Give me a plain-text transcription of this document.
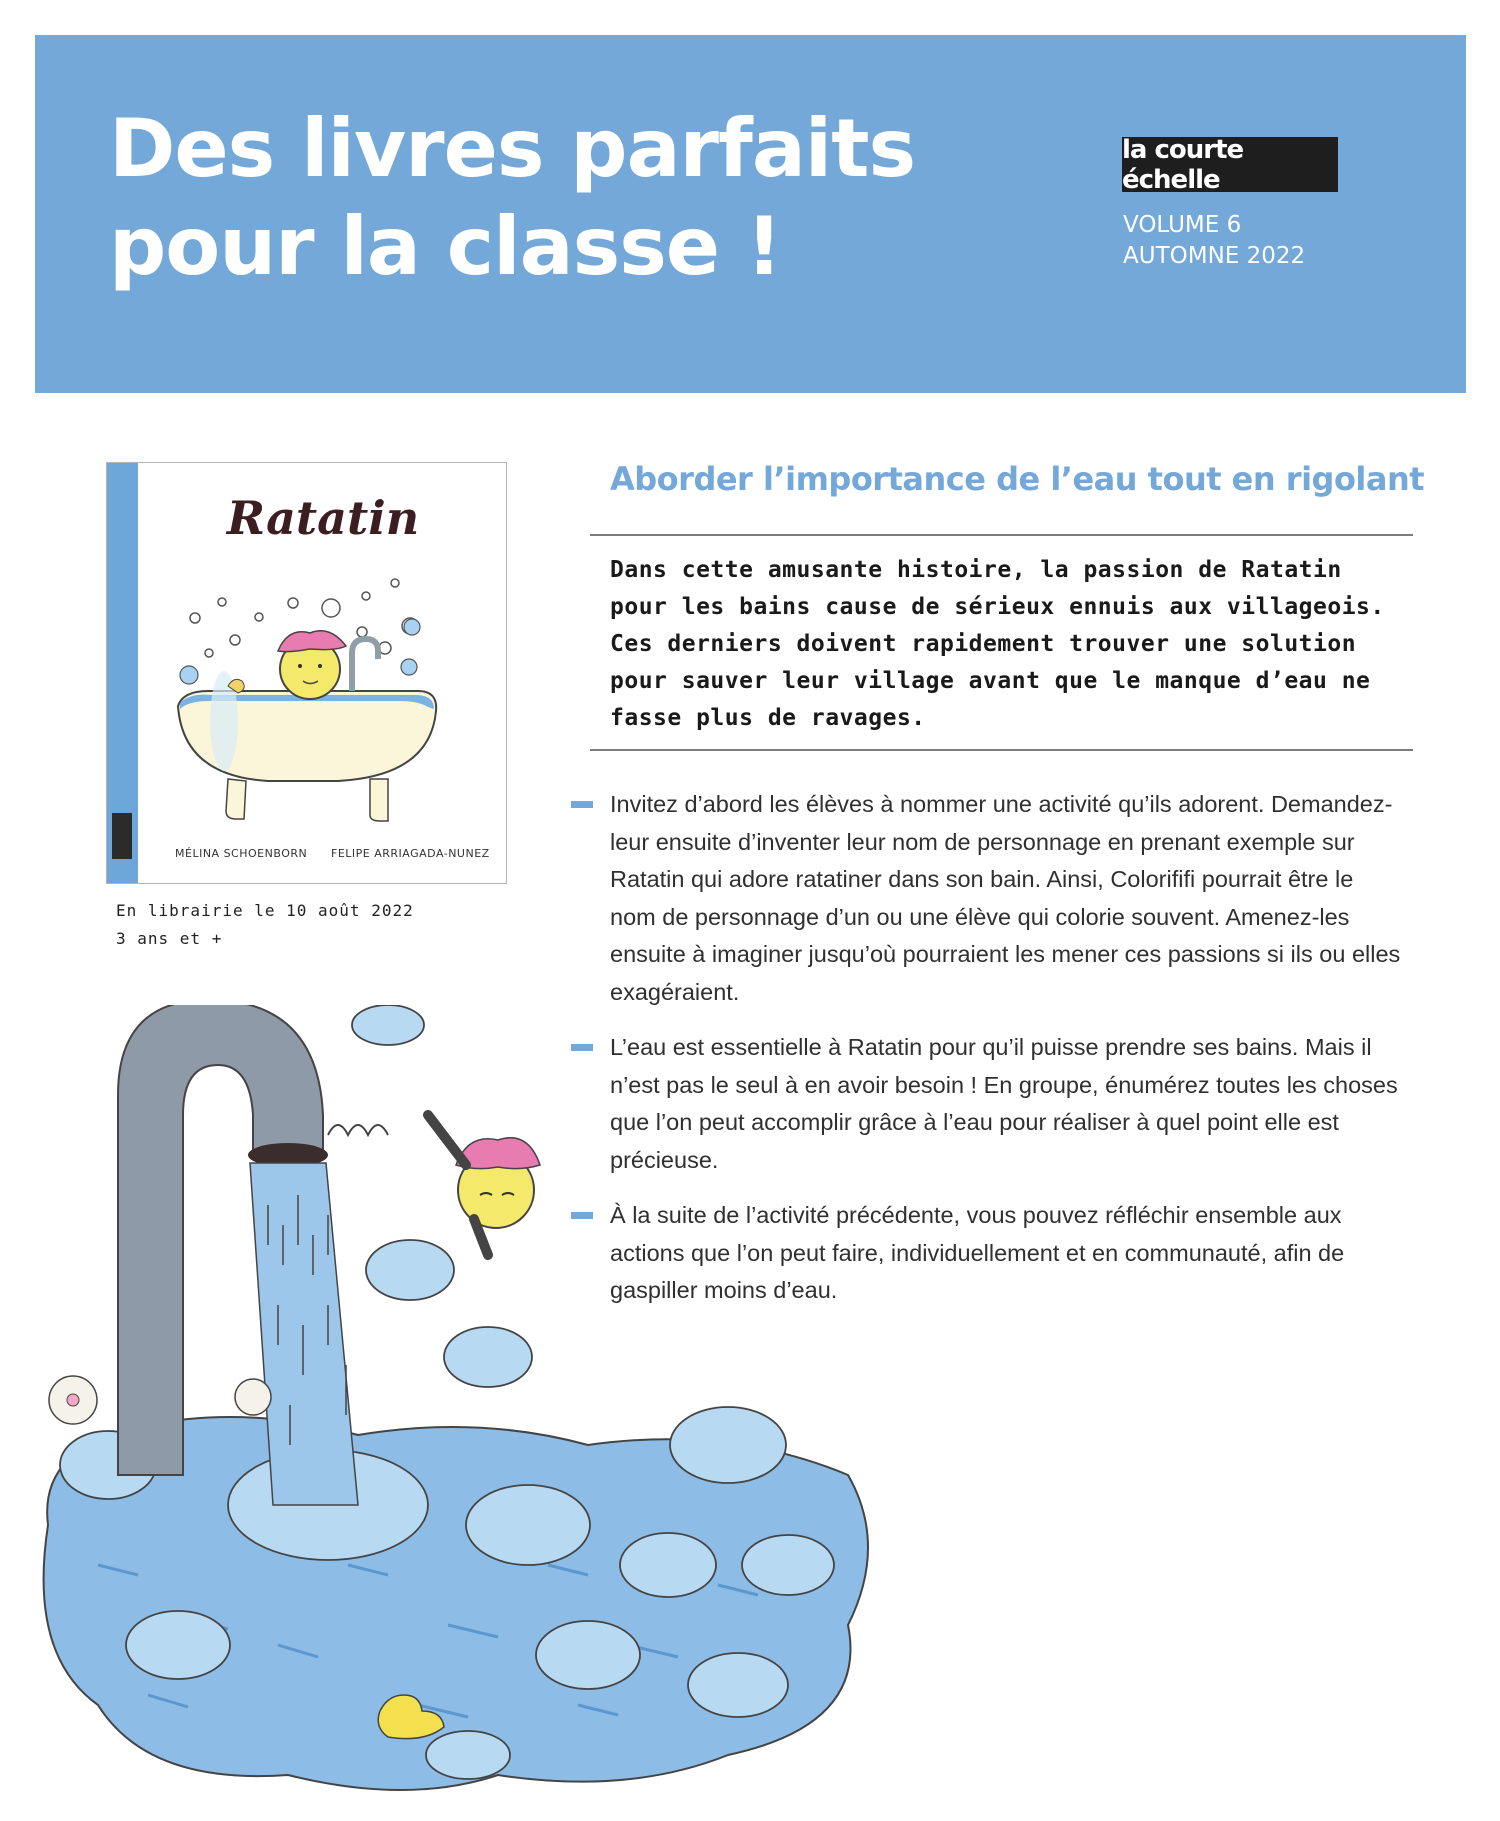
Des livres parfaits
pour la classe !
la courte échelle
VOLUME 6
AUTOMNE 2022
Ratatin
MÉLINA SCHOENBORN FELIPE ARRIAGADA-NUNEZ
En librairie le 10 août 2022
3 ans et +
Aborder l’importance de l’eau tout en rigolant

Dans cette amusante histoire, la passion de Ratatin pour les bains cause de sérieux ennuis aux villageois. Ces derniers doivent rapidement trouver une solution pour sauver leur village avant que le manque d’eau ne fasse plus de ravages.

Invitez d’abord les élèves à nommer une activité qu’ils adorent. Demandez-leur ensuite d’inventer leur nom de personnage en prenant exemple sur Ratatin qui adore ratatiner dans son bain. Ainsi, Colorififi pourrait être le nom de personnage d’un ou une élève qui colorie souvent. Amenez-les ensuite à imaginer jusqu’où pourraient les mener ces passions si ils ou elles exagéraient.
L’eau est essentielle à Ratatin pour qu’il puisse prendre ses bains. Mais il n’est pas le seul à en avoir besoin ! En groupe, énumérez toutes les choses que l’on peut accomplir grâce à l’eau pour réaliser à quel point elle est précieuse.
À la suite de l’activité précédente, vous pouvez réfléchir ensemble aux actions que l’on peut faire, individuellement et en communauté, afin de gaspiller moins d’eau.
